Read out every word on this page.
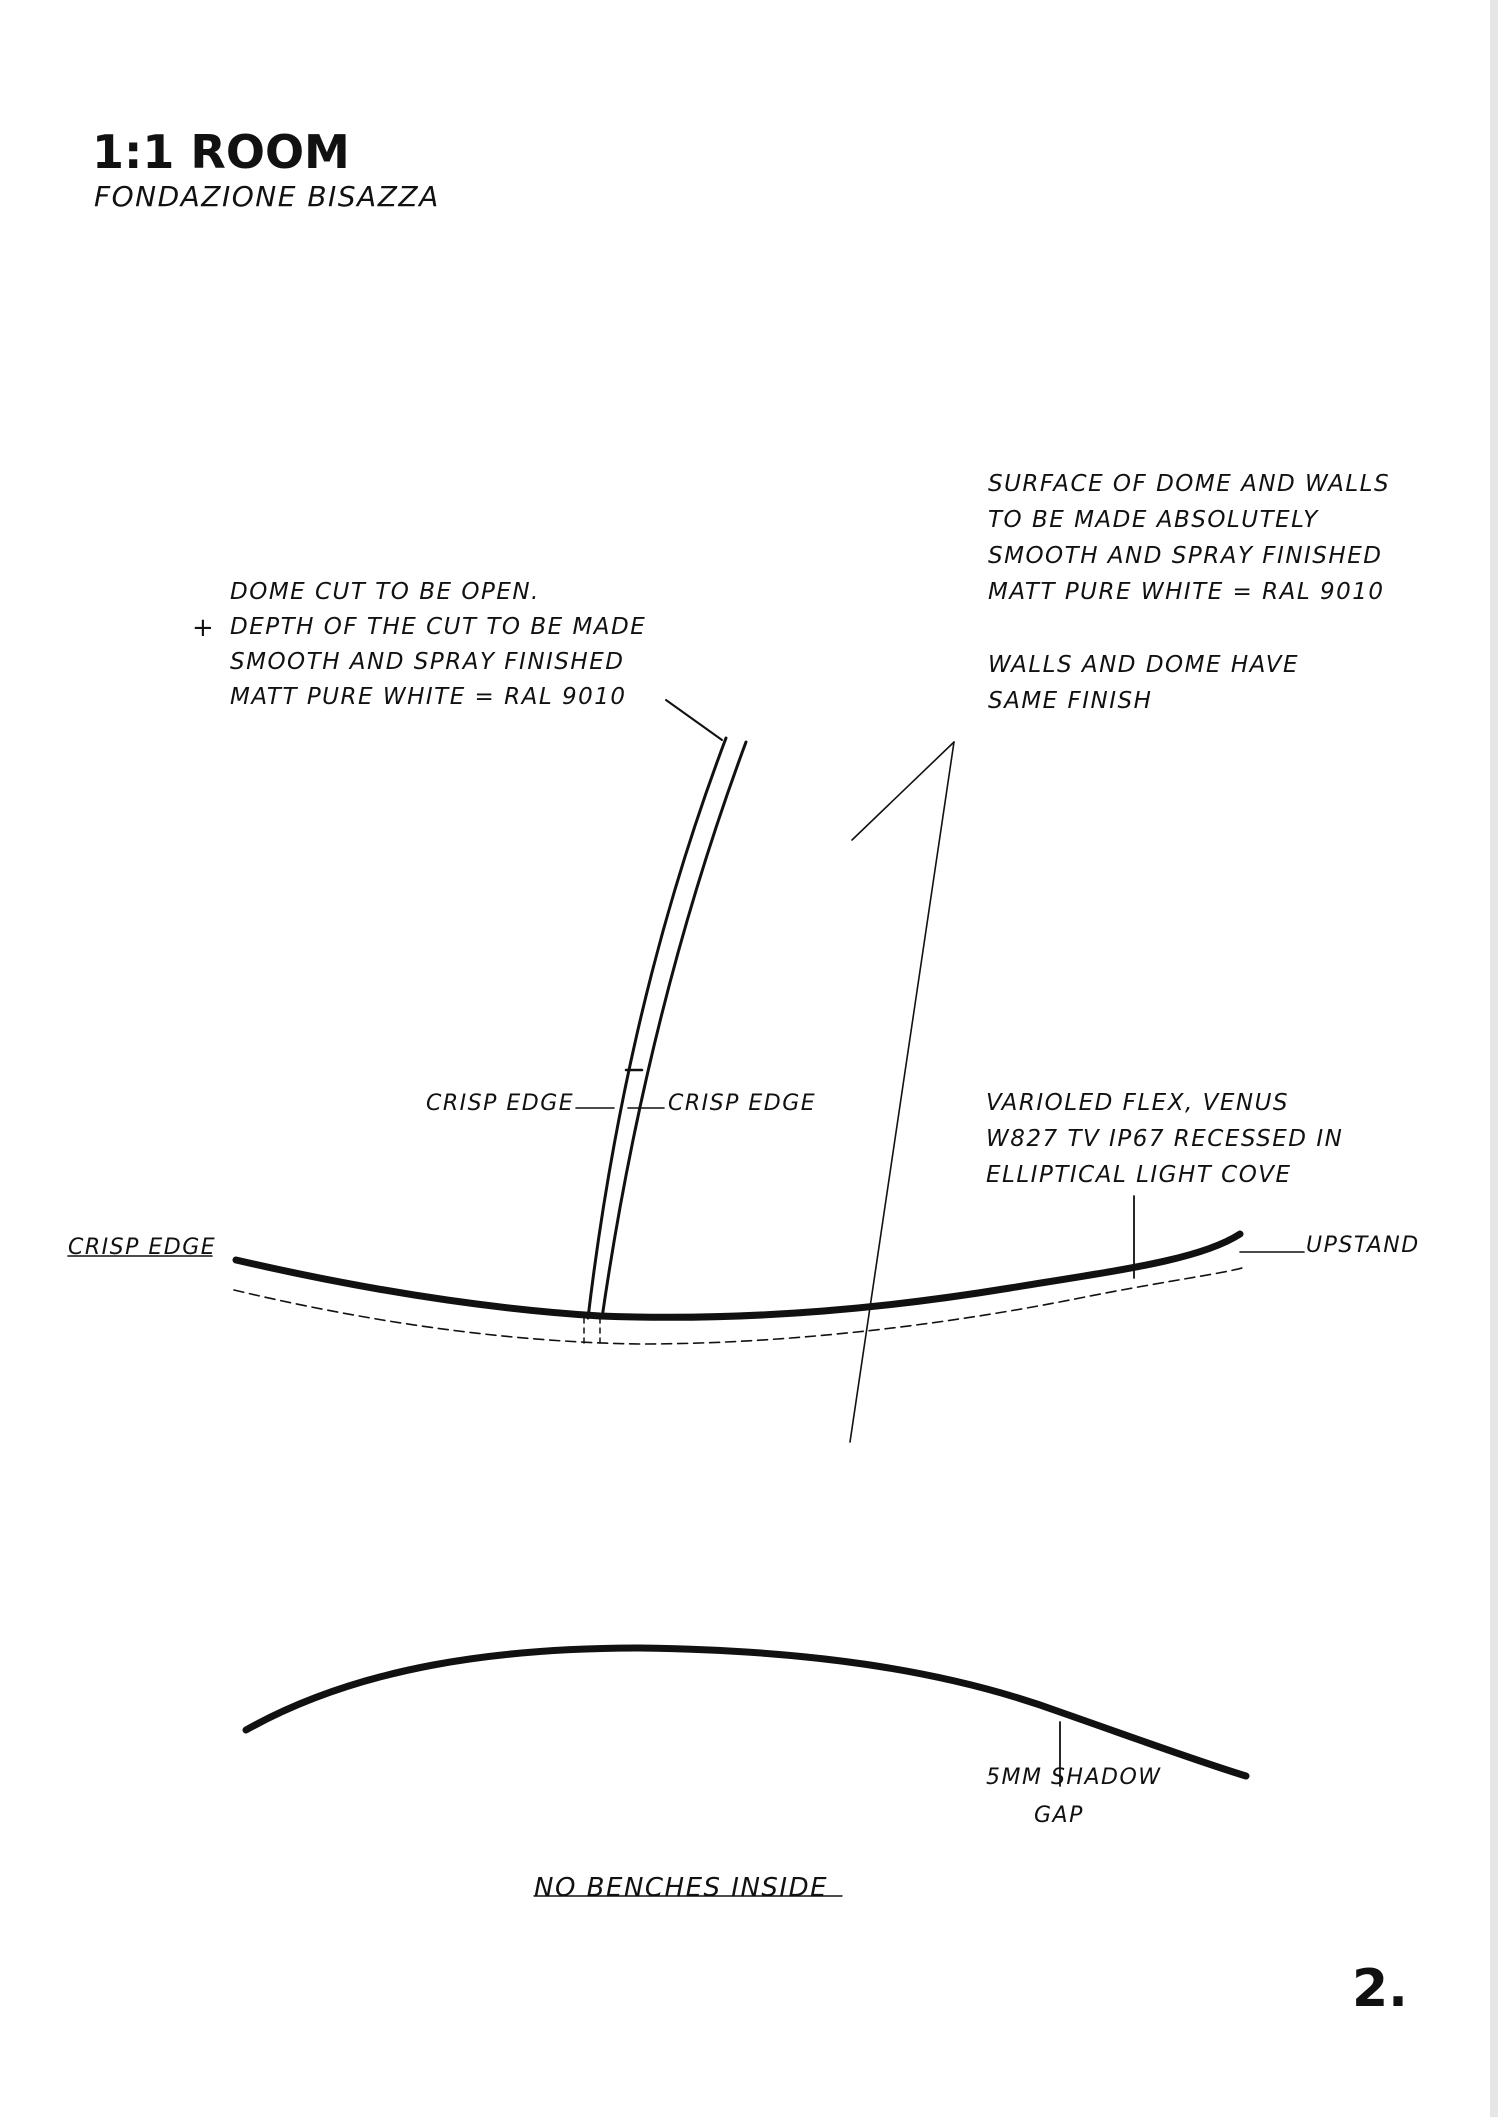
1:1 ROOM
FONDAZIONE BISAZZA
+
DOME CUT TO BE OPEN.
DEPTH OF THE CUT TO BE MADE
SMOOTH AND SPRAY FINISHED
MATT PURE WHITE = RAL 9010
SURFACE OF DOME AND WALLS
TO BE MADE ABSOLUTELY
SMOOTH AND SPRAY FINISHED
MATT PURE WHITE = RAL 9010
WALLS AND DOME HAVE
SAME FINISH
VARIOLED FLEX, VENUS
W827 TV IP67 RECESSED IN
ELLIPTICAL LIGHT COVE
CRISP EDGE
CRISP EDGE	CRISP EDGE
UPSTAND
5MM SHADOW
GAP
NO BENCHES INSIDE
2.
